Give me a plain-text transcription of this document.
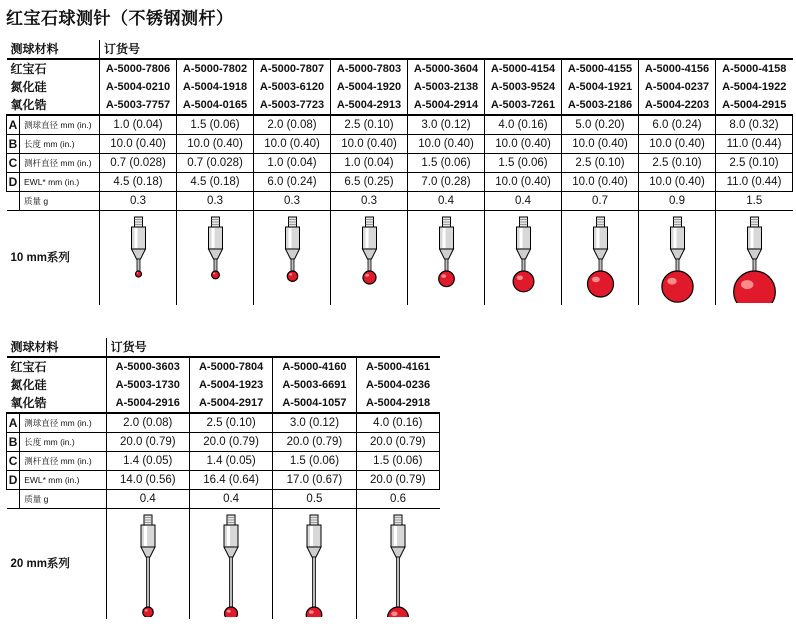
红宝石球测针（不锈钢测杆）
测球材料		订货号								
红宝石		A-5000-7806	A-5000-7802	A-5000-7807	A-5000-7803	A-5000-3604	A-5000-4154	A-5000-4155	A-5000-4156	A-5000-4158
氮化硅		A-5004-0210	A-5004-1918	A-5003-6120	A-5004-1920	A-5003-2138	A-5003-9524	A-5004-1921	A-5004-0237	A-5004-1922
氧化锆		A-5003-7757	A-5004-0165	A-5003-7723	A-5004-2913	A-5004-2914	A-5003-7261	A-5003-2186	A-5004-2203	A-5004-2915
A	测球直径 mm (in.)	1.0 (0.04)	1.5 (0.06)	2.0 (0.08)	2.5 (0.10)	3.0 (0.12)	4.0 (0.16)	5.0 (0.20)	6.0 (0.24)	8.0 (0.32)
B	长度 mm (in.)	10.0 (0.40)	10.0 (0.40)	10.0 (0.40)	10.0 (0.40)	10.0 (0.40)	10.0 (0.40)	10.0 (0.40)	10.0 (0.40)	11.0 (0.44)
C	测杆直径 mm (in.)	0.7 (0.028)	0.7 (0.028)	1.0 (0.04)	1.0 (0.04)	1.5 (0.06)	1.5 (0.06)	2.5 (0.10)	2.5 (0.10)	2.5 (0.10)
D	EWL* mm (in.)	4.5 (0.18)	4.5 (0.18)	6.0 (0.24)	6.5 (0.25)	7.0 (0.28)	10.0 (0.40)	10.0 (0.40)	10.0 (0.40)	11.0 (0.44)
	质量 g	0.3	0.3	0.3	0.3	0.4	0.4	0.7	0.9	1.5
10 mm系列	

测球材料		订货号			
红宝石		A-5000-3603	A-5000-7804	A-5000-4160	A-5000-4161
氮化硅		A-5003-1730	A-5004-1923	A-5003-6691	A-5004-0236
氧化锆		A-5004-2916	A-5004-2917	A-5004-1057	A-5004-2918
A	测球直径 mm (in.)	2.0 (0.08)	2.5 (0.10)	3.0 (0.12)	4.0 (0.16)
B	长度 mm (in.)	20.0 (0.79)	20.0 (0.79)	20.0 (0.79)	20.0 (0.79)
C	测杆直径 mm (in.)	1.4 (0.05)	1.4 (0.05)	1.5 (0.06)	1.5 (0.06)
D	EWL* mm (in.)	14.0 (0.56)	16.4 (0.64)	17.0 (0.67)	20.0 (0.79)
	质量 g	0.4	0.4	0.5	0.6
20 mm系列	
